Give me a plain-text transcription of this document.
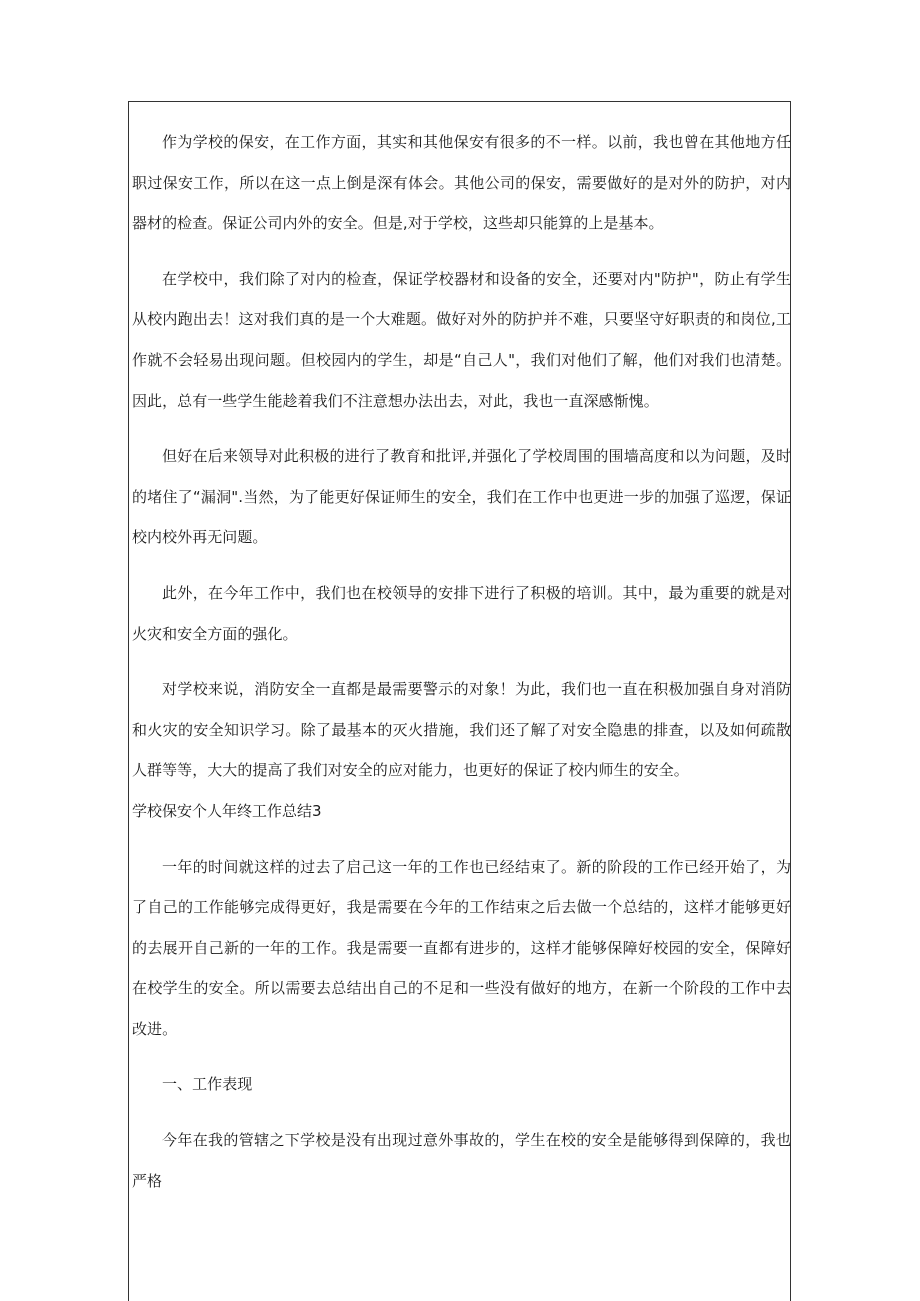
作为学校的保安，在工作方面，其实和其他保安有很多的不一样。以前，我也曾在其他地方任职过保安工作，所以在这一点上倒是深有体会。其他公司的保安，需要做好的是对外的防护，对内器材的检查。保证公司内外的安全。但是,对于学校，这些却只能算的上是基本。

在学校中，我们除了对内的检查，保证学校器材和设备的安全，还要对内"防护"，防止有学生从校内跑出去！这对我们真的是一个大难题。做好对外的防护并不难，只要坚守好职责的和岗位,工作就不会轻易出现问题。但校园内的学生，却是“自己人"，我们对他们了解，他们对我们也清楚。因此，总有一些学生能趁着我们不注意想办法出去，对此，我也一直深感惭愧。

但好在后来领导对此积极的进行了教育和批评,并强化了学校周围的围墙高度和以为问题，及时的堵住了“漏洞".当然，为了能更好保证师生的安全，我们在工作中也更进一步的加强了巡逻，保证校内校外再无问题。

此外，在今年工作中，我们也在校领导的安排下进行了积极的培训。其中，最为重要的就是对火灾和安全方面的强化。

对学校来说，消防安全一直都是最需要警示的对象！为此，我们也一直在积极加强自身对消防和火灾的安全知识学习。除了最基本的灭火措施，我们还了解了对安全隐患的排查，以及如何疏散人群等等，大大的提高了我们对安全的应对能力，也更好的保证了校内师生的安全。

学校保安个人年终工作总结3

一年的时间就这样的过去了启己这一年的工作也已经结束了。新的阶段的工作已经开始了，为了自己的工作能够完成得更好，我是需要在今年的工作结束之后去做一个总结的，这样才能够更好的去展开自己新的一年的工作。我是需要一直都有进步的，这样才能够保障好校园的安全，保障好在校学生的安全。所以需要去总结出自己的不足和一些没有做好的地方，在新一个阶段的工作中去改进。

一、工作表现

今年在我的管辖之下学校是没有出现过意外事故的，学生在校的安全是能够得到保障的，我也严格
